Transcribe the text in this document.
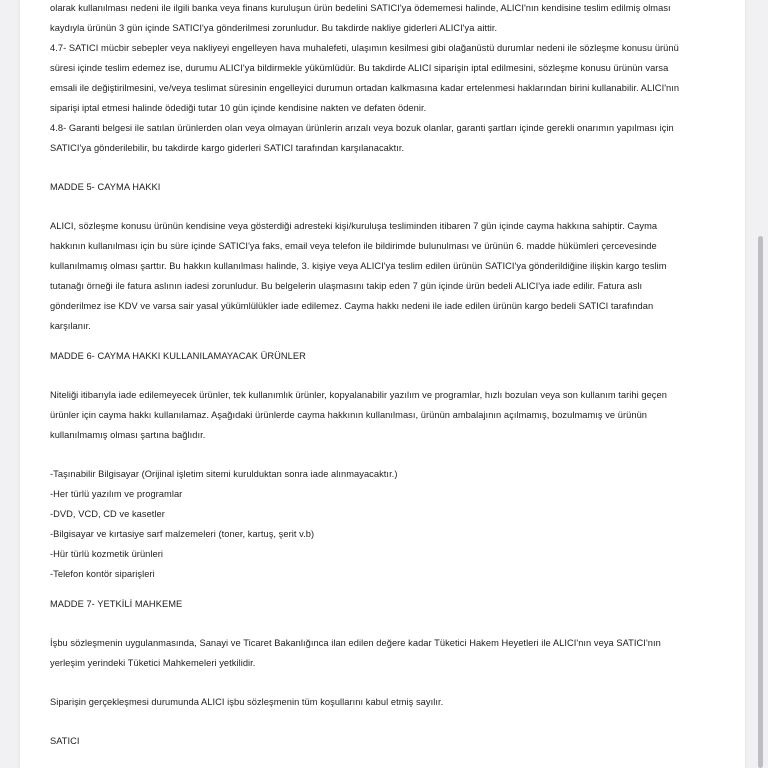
olarak kullanılması nedeni ile ilgili banka veya finans kuruluşun ürün bedelini SATICI'ya ödememesi halinde, ALICI'nın kendisine teslim edilmiş olması

kaydıyla ürünün 3 gün içinde SATICI'ya gönderilmesi zorunludur. Bu takdirde nakliye giderleri ALICI'ya aittir.

4.7- SATICI mücbir sebepler veya nakliyeyi engelleyen hava muhalefeti, ulaşımın kesilmesi gibi olağanüstü durumlar nedeni ile sözleşme konusu ürünü

süresi içinde teslim edemez ise, durumu ALICI'ya bildirmekle yükümlüdür. Bu takdirde ALICI siparişin iptal edilmesini, sözleşme konusu ürünün varsa

emsali ile değiştirilmesini, ve/veya teslimat süresinin engelleyici durumun ortadan kalkmasına kadar ertelenmesi haklarından birini kullanabilir. ALICI'nın

siparişi iptal etmesi halinde ödediği tutar 10 gün içinde kendisine nakten ve defaten ödenir.

4.8- Garanti belgesi ile satılan ürünlerden olan veya olmayan ürünlerin arızalı veya bozuk olanlar, garanti şartları içinde gerekli onarımın yapılması için

SATICI'ya gönderilebilir, bu takdirde kargo giderleri SATICI tarafından karşılanacaktır.

MADDE 5- CAYMA HAKKI

ALICI, sözleşme konusu ürünün kendisine veya gösterdiği adresteki kişi/kuruluşa tesliminden itibaren 7 gün içinde cayma hakkına sahiptir. Cayma

hakkının kullanılması için bu süre içinde SATICI'ya faks, email veya telefon ile bildirimde bulunulması ve ürünün 6. madde hükümleri çercevesinde

kullanılmamış olması şarttır. Bu hakkın kullanılması halinde, 3. kişiye veya ALICI'ya teslim edilen ürünün SATICI'ya gönderildiğine ilişkin kargo teslim

tutanağı örneği ile fatura aslının iadesi zorunludur. Bu belgelerin ulaşmasını takip eden 7 gün içinde ürün bedeli ALICI'ya iade edilir. Fatura aslı

gönderilmez ise KDV ve varsa sair yasal yükümlülükler iade edilemez. Cayma hakkı nedeni ile iade edilen ürünün kargo bedeli SATICI tarafından

karşılanır.

MADDE 6- CAYMA HAKKI KULLANILAMAYACAK ÜRÜNLER

Niteliği itibarıyla iade edilemeyecek ürünler, tek kullanımlık ürünler, kopyalanabilir yazılım ve programlar, hızlı bozulan veya son kullanım tarihi geçen

ürünler için cayma hakkı kullanılamaz. Aşağıdaki ürünlerde cayma hakkının kullanılması, ürünün ambalajının açılmamış, bozulmamış ve ürünün

kullanılmamış olması şartına bağlıdır.

-Taşınabilir Bilgisayar (Orijinal işletim sitemi kurulduktan sonra iade alınmayacaktır.)

-Her türlü yazılım ve programlar

-DVD, VCD, CD ve kasetler

-Bilgisayar ve kırtasiye sarf malzemeleri (toner, kartuş, şerit v.b)

-Hür türlü kozmetik ürünleri

-Telefon kontör siparişleri

MADDE 7- YETKİLİ MAHKEME

İşbu sözleşmenin uygulanmasında, Sanayi ve Ticaret Bakanlığınca ilan edilen değere kadar Tüketici Hakem Heyetleri ile ALICI'nın veya SATICI'nın

yerleşim yerindeki Tüketici Mahkemeleri yetkilidir.

Siparişin gerçekleşmesi durumunda ALICI işbu sözleşmenin tüm koşullarını kabul etmiş sayılır.

SATICI
